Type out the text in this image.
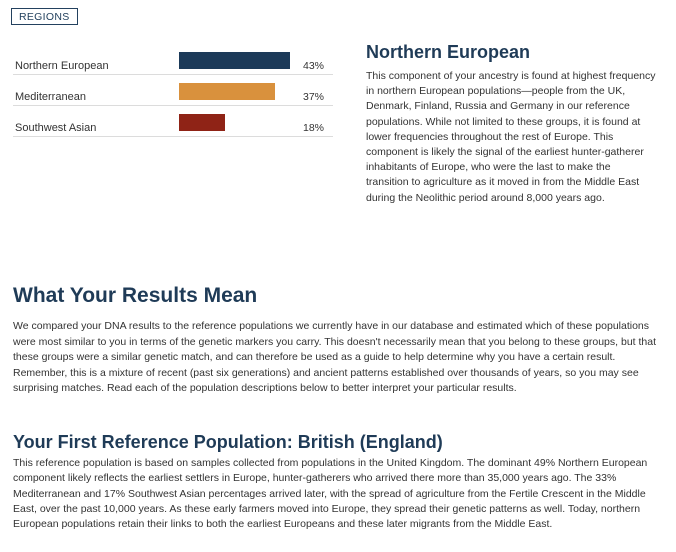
REGIONS
Northern European	43%
Mediterranean	37%
Southwest Asian	18%
Northern European

This component of your ancestry is found at highest frequency in northern European populations—people from the UK, Denmark, Finland, Russia and Germany in our reference populations. While not limited to these groups, it is found at lower frequencies throughout the rest of Europe. This component is likely the signal of the earliest hunter-gatherer inhabitants of Europe, who were the last to make the transition to agriculture as it moved in from the Middle East during the Neolithic period around 8,000 years ago.

What Your Results Mean

We compared your DNA results to the reference populations we currently have in our database and estimated which of these populations were most similar to you in terms of the genetic markers you carry. This doesn't necessarily mean that you belong to these groups, but that these groups were a similar genetic match, and can therefore be used as a guide to help determine why you have a certain result. Remember, this is a mixture of recent (past six generations) and ancient patterns established over thousands of years, so you may see surprising matches. Read each of the population descriptions below to better interpret your particular results.

Your First Reference Population: British (England)

This reference population is based on samples collected from populations in the United Kingdom. The dominant 49% Northern European component likely reflects the earliest settlers in Europe, hunter-gatherers who arrived there more than 35,000 years ago. The 33% Mediterranean and 17% Southwest Asian percentages arrived later, with the spread of agriculture from the Fertile Crescent in the Middle East, over the past 10,000 years. As these early farmers moved into Europe, they spread their genetic patterns as well. Today, northern European populations retain their links to both the earliest Europeans and these later migrants from the Middle East.
